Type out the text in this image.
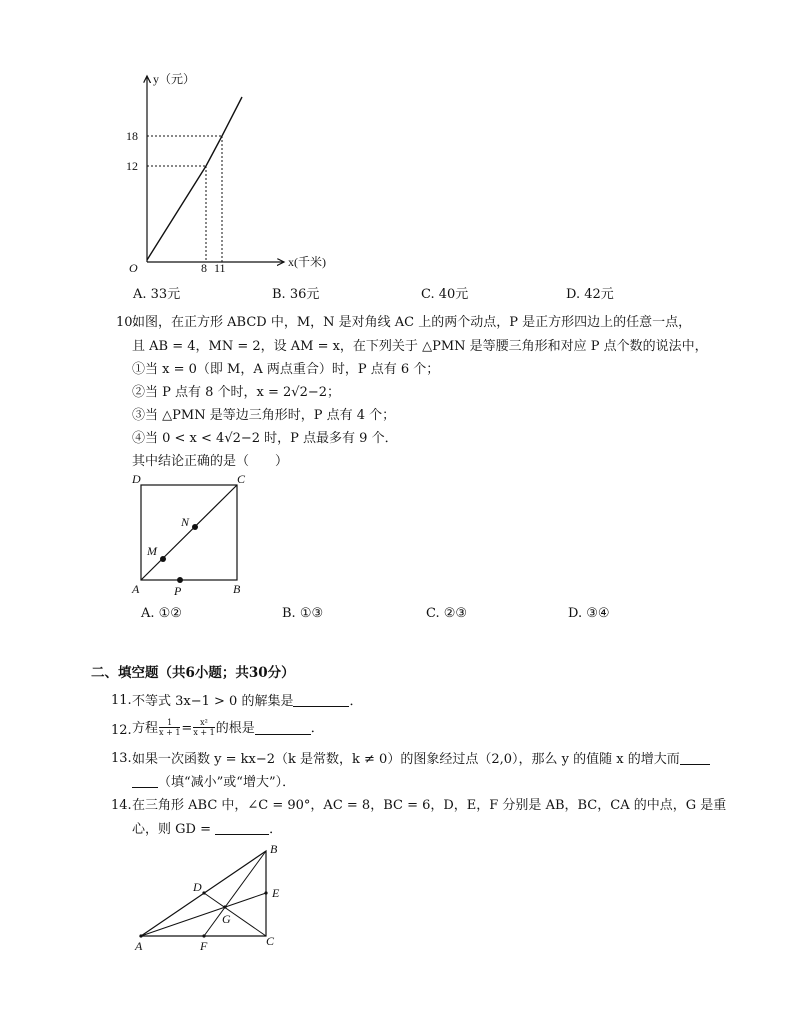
y（元）
x(千米)
O
18
12
8 11
A. 33元	B. 36元	C. 40元	D. 42元
10.
如图，在正方形 ABCD 中，M，N 是对角线 AC 上的两个动点，P 是正方形四边上的任意一点，
且 AB = 4，MN = 2，设 AM = x，在下列关于 △PMN 是等腰三角形和对应 P 点个数的说法中，
①当 x = 0（即 M，A 两点重合）时，P 点有 6 个；
②当 P 点有 8 个时，x = 2√2−2；
③当 △PMN 是等边三角形时，P 点有 4 个；
④当 0 < x < 4√2−2 时，P 点最多有 9 个．
其中结论正确的是（　　）
D	C
A	B
M
N
P
A. ①②	B. ①③	C. ②③	D. ③④
二、填空题（共6小题；共30分）
11. 不等式 3x−1 > 0 的解集是	．
12. 方程 $\frac{1}{x + 1} = \frac{\text{x²}}{x + 1}$ 的根是	．
13. 如果一次函数 y = kx−2（k 是常数，k ≠ 0）的图象经过点（2,0），那么 y 的值随 x 的增大而
（填“减小”或“增大”）．
14. 在三角形 ABC 中，∠C = 90°，AC = 8，BC = 6，D，E，F 分别是 AB，BC，CA 的中点，G 是重
心，则 GD =	．
A
B
C
D	E
F
G
